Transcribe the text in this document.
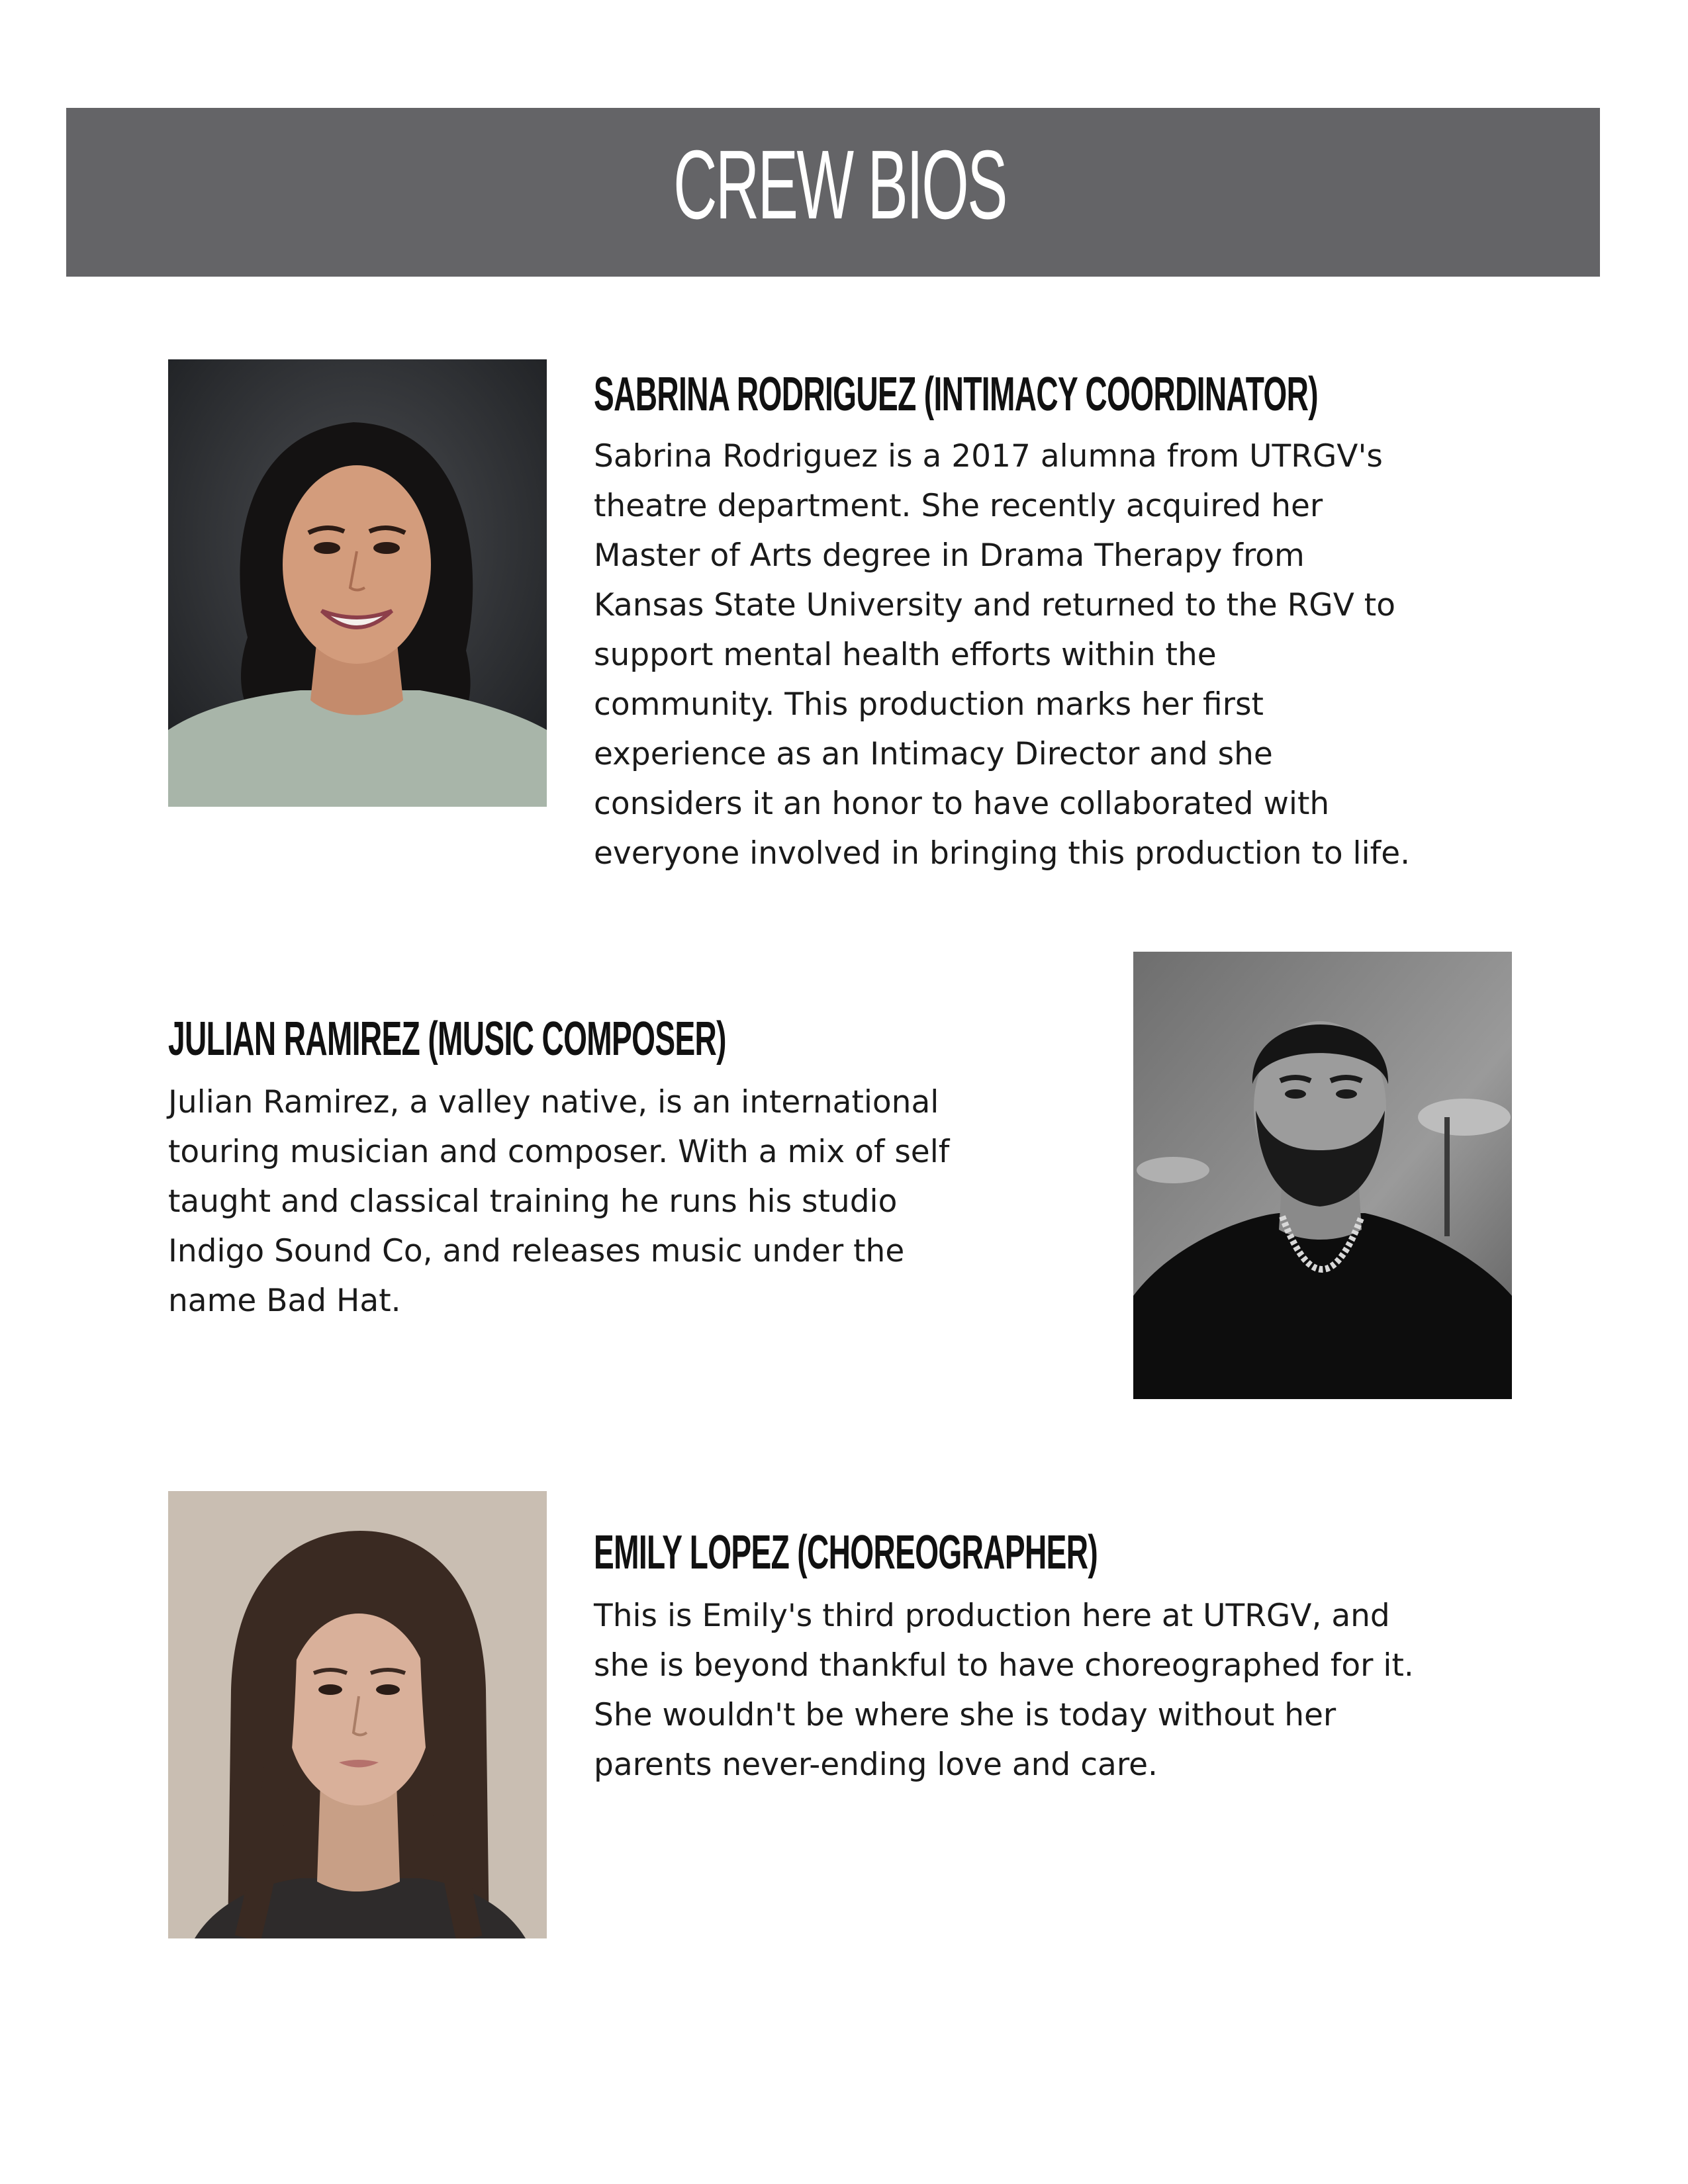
CREW BIOS
SABRINA RODRIGUEZ (INTIMACY COORDINATOR)
Sabrina Rodriguez is a 2017 alumna from UTRGV's
theatre department. She recently acquired her
Master of Arts degree in Drama Therapy from
Kansas State University and returned to the RGV to
support mental health efforts within the
community. This production marks her first
experience as an Intimacy Director and she
considers it an honor to have collaborated with
everyone involved in bringing this production to life.
JULIAN RAMIREZ (MUSIC COMPOSER)
Julian Ramirez, a valley native, is an international
touring musician and composer. With a mix of self
taught and classical training he runs his studio
Indigo Sound Co, and releases music under the
name Bad Hat.
EMILY LOPEZ (CHOREOGRAPHER)
This is Emily's third production here at UTRGV, and
she is beyond thankful to have choreographed for it.
She wouldn't be where she is today without her
parents never-ending love and care.
